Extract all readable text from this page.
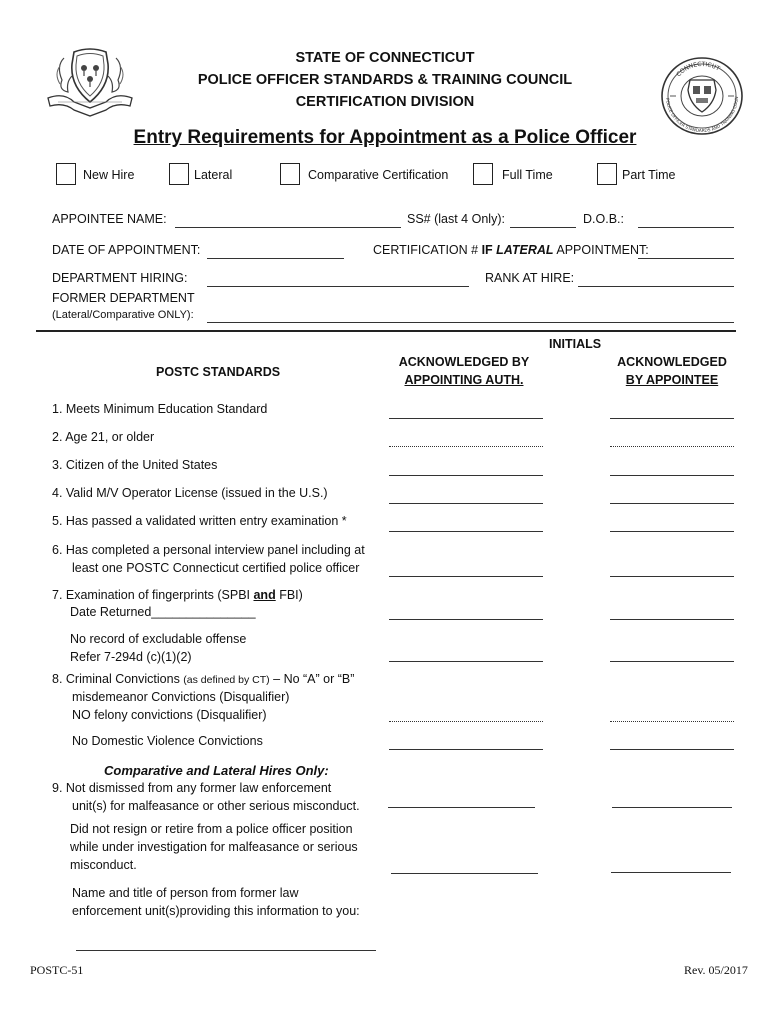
CONNECTICUT
POLICE OFFICER STANDARDS AND TRAINING COUN
STATE OF CONNECTICUT
POLICE OFFICER STANDARDS & TRAINING COUNCIL
CERTIFICATION DIVISION
Entry Requirements for Appointment as a Police Officer
New Hire	Lateral	Comparative Certification	Full Time	Part Time
APPOINTEE NAME:	SS# (last 4 Only):	D.O.B.:
DATE OF APPOINTMENT:	CERTIFICATION # IF LATERAL APPOINTMENT:
DEPARTMENT HIRING:	RANK AT HIRE:
FORMER DEPARTMENT
(Lateral/Comparative ONLY):
INITIALS
POSTC STANDARDS
ACKNOWLEDGED BY
APPOINTING AUTH.
ACKNOWLEDGED
BY APPOINTEE
1. Meets Minimum Education Standard
2. Age 21, or older
3. Citizen of the United States
4. Valid M/V Operator License (issued in the U.S.)
5. Has passed a validated written entry examination *
6. Has completed a personal interview panel including at
least one POSTC Connecticut certified police officer
7. Examination of fingerprints (SPBI and FBI)
Date Returned_______________
No record of excludable offense
Refer 7-294d (c)(1)(2)
8. Criminal Convictions (as defined by CT) – No “A” or “B”
misdemeanor Convictions (Disqualifier)
NO felony convictions (Disqualifier)
No Domestic Violence Convictions
Comparative and Lateral Hires Only:
9. Not dismissed from any former law enforcement
unit(s) for malfeasance or other serious misconduct.
Did not resign or retire from a police officer position
while under investigation for malfeasance or serious
misconduct.
Name and title of person from former law
enforcement unit(s)providing this information to you:
POSTC-51	Rev. 05/2017
